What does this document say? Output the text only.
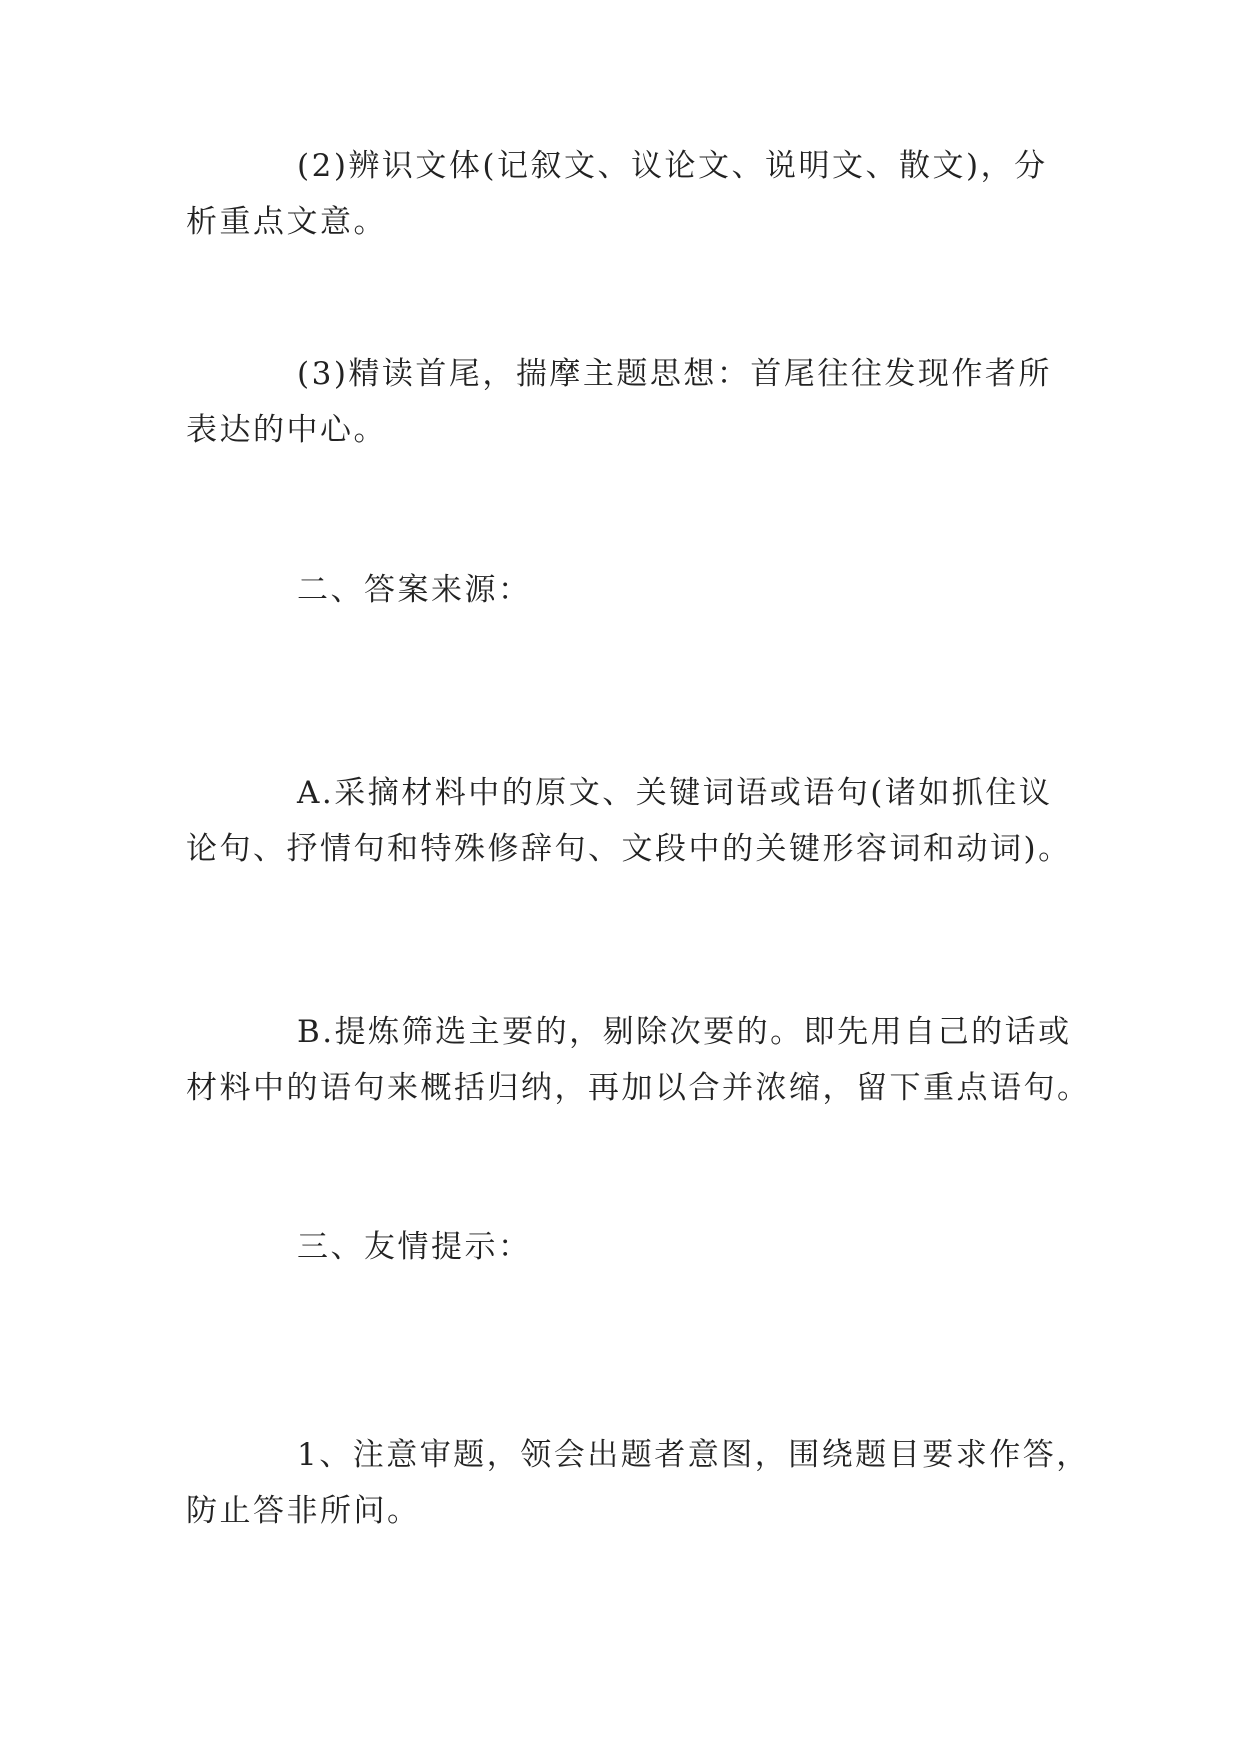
(2)辨识文体(记叙文、议论文、说明文、散文)，分
析重点文意。

(3)精读首尾，揣摩主题思想：首尾往往发现作者所
表达的中心。

二、答案来源：

A.采摘材料中的原文、关键词语或语句(诸如抓住议
论句、抒情句和特殊修辞句、文段中的关键形容词和动词)。

B.提炼筛选主要的，剔除次要的。即先用自己的话或
材料中的语句来概括归纳，再加以合并浓缩，留下重点语句。

三、友情提示：

1、注意审题，领会出题者意图，围绕题目要求作答，
防止答非所问。
